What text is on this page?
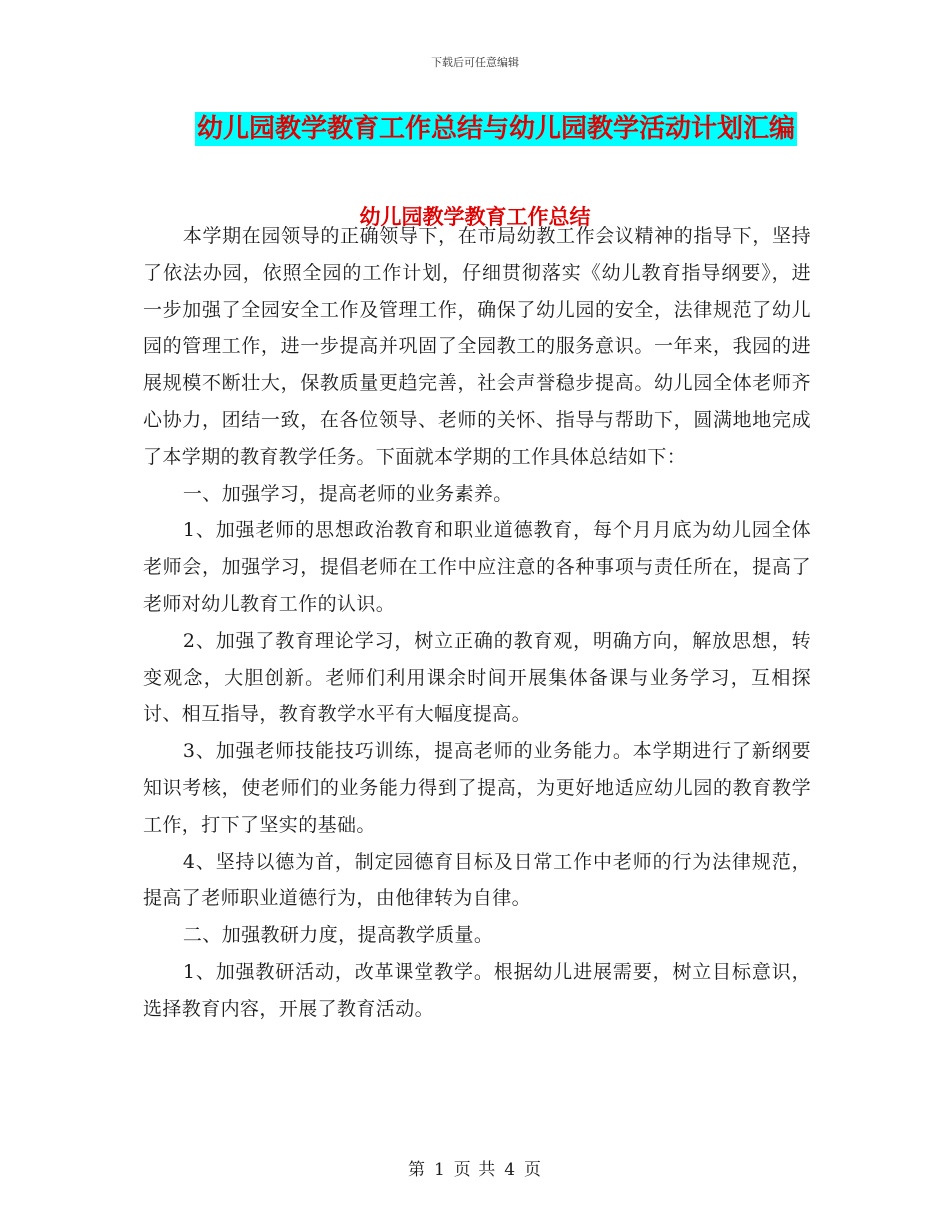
下载后可任意编辑
幼儿园教学教育工作总结与幼儿园教学活动计划汇编
幼儿园教学教育工作总结

本学期在园领导的正确领导下，在市局幼教工作会议精神的指导下，坚持了依法办园，依照全园的工作计划，仔细贯彻落实《幼儿教育指导纲要》，进一步加强了全园安全工作及管理工作，确保了幼儿园的安全，法律规范了幼儿园的管理工作，进一步提高并巩固了全园教工的服务意识。一年来，我园的进展规模不断壮大，保教质量更趋完善，社会声誉稳步提高。幼儿园全体老师齐心协力，团结一致，在各位领导、老师的关怀、指导与帮助下，圆满地地完成了本学期的教育教学任务。下面就本学期的工作具体总结如下：

一、加强学习，提高老师的业务素养。

1、加强老师的思想政治教育和职业道德教育，每个月月底为幼儿园全体老师会，加强学习，提倡老师在工作中应注意的各种事项与责任所在，提高了老师对幼儿教育工作的认识。

2、加强了教育理论学习，树立正确的教育观，明确方向，解放思想，转变观念，大胆创新。老师们利用课余时间开展集体备课与业务学习，互相探讨、相互指导，教育教学水平有大幅度提高。

3、加强老师技能技巧训练，提高老师的业务能力。本学期进行了新纲要知识考核，使老师们的业务能力得到了提高，为更好地适应幼儿园的教育教学工作，打下了坚实的基础。

4、坚持以德为首，制定园德育目标及日常工作中老师的行为法律规范，提高了老师职业道德行为，由他律转为自律。

二、加强教研力度，提高教学质量。

1、加强教研活动，改革课堂教学。根据幼儿进展需要，树立目标意识，选择教育内容，开展了教育活动。

第 1 页 共 4 页
